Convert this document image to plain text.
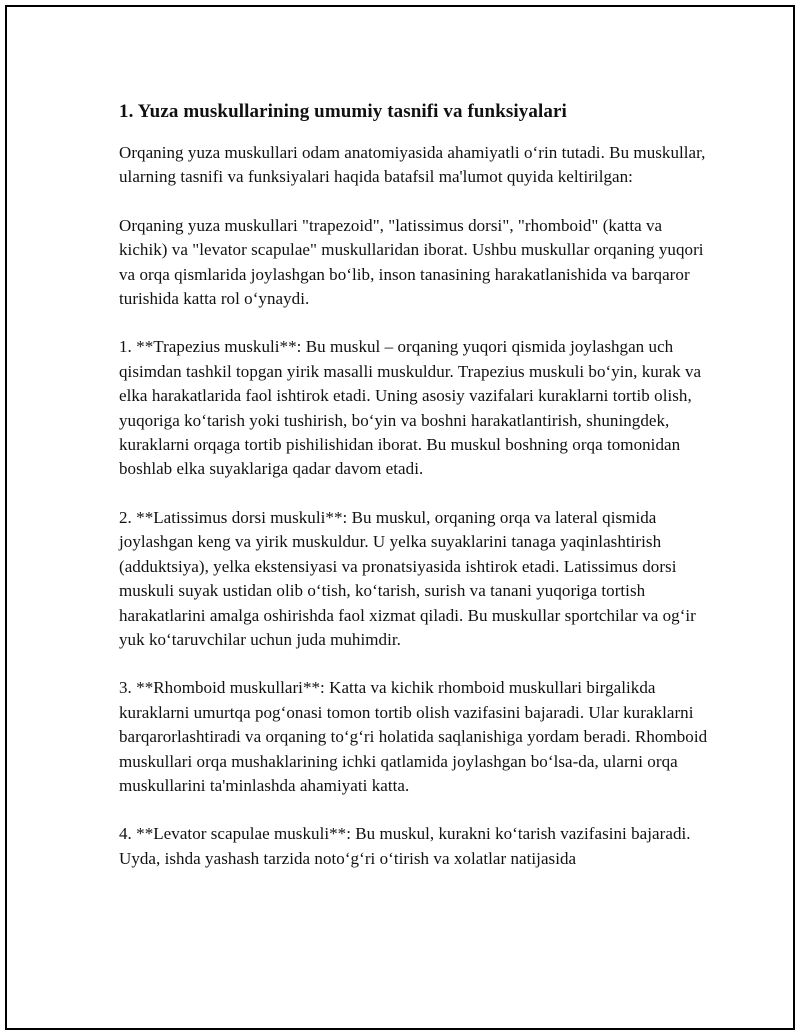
1. Yuza muskullarining umumiy tasnifi va funksiyalari

Orqaning yuza muskullari odam anatomiyasida ahamiyatli o‘rin tutadi. Bu muskullar, ularning tasnifi va funksiyalari haqida batafsil ma'lumot quyida keltirilgan:

Orqaning yuza muskullari "trapezoid", "latissimus dorsi", "rhomboid" (katta va kichik) va "levator scapulae" muskullaridan iborat. Ushbu muskullar orqaning yuqori va orqa qismlarida joylashgan bo‘lib, inson tanasining harakatlanishida va barqaror turishida katta rol o‘ynaydi.

1. **Trapezius muskuli**: Bu muskul – orqaning yuqori qismida joylashgan uch qisimdan tashkil topgan yirik masalli muskuldur. Trapezius muskuli bo‘yin, kurak va elka harakatlarida faol ishtirok etadi. Uning asosiy vazifalari kuraklarni tortib olish, yuqoriga ko‘tarish yoki tushirish, bo‘yin va boshni harakatlantirish, shuningdek, kuraklarni orqaga tortib pishilishidan iborat. Bu muskul boshning orqa tomonidan boshlab elka suyaklariga qadar davom etadi.

2. **Latissimus dorsi muskuli**: Bu muskul, orqaning orqa va lateral qismida joylashgan keng va yirik muskuldur. U yelka suyaklarini tanaga yaqinlashtirish (adduktsiya), yelka ekstensiyasi va pronatsiyasida ishtirok etadi. Latissimus dorsi muskuli suyak ustidan olib o‘tish, ko‘tarish, surish va tanani yuqoriga tortish harakatlarini amalga oshirishda faol xizmat qiladi. Bu muskullar sportchilar va og‘ir yuk ko‘taruvchilar uchun juda muhimdir.

3. **Rhomboid muskullari**: Katta va kichik rhomboid muskullari birgalikda kuraklarni umurtqa pog‘onasi tomon tortib olish vazifasini bajaradi. Ular kuraklarni barqarorlashtiradi va orqaning to‘g‘ri holatida saqlanishiga yordam beradi. Rhomboid muskullari orqa mushaklarining ichki qatlamida joylashgan bo‘lsa-da, ularni orqa muskullarini ta'minlashda ahamiyati katta.

4. **Levator scapulae muskuli**: Bu muskul, kurakni ko‘tarish vazifasini bajaradi. Uyda, ishda yashash tarzida noto‘g‘ri o‘tirish va xolatlar natijasida
